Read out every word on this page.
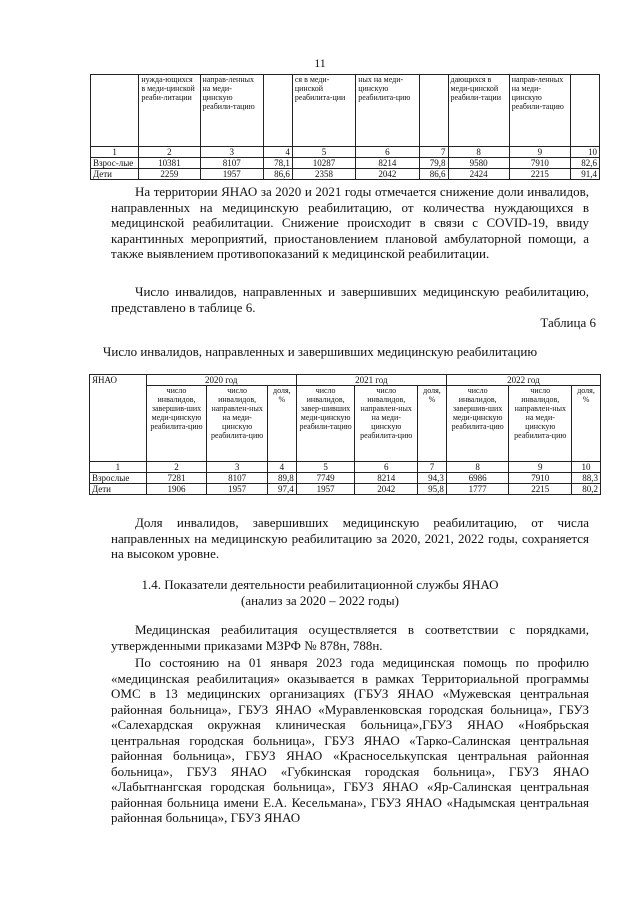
11
	нужда-ющихся в меди-цинской реаби-литации	направ-ленных на меди-цинскую реабили-тацию		ся в меди-цинской реабилита-ции	ных на меди-цинскую реабилита-цию		дающихся в меди-цинской реабили-тации	направ-ленных на меди-цинскую реабили-тацию	
1	2	3	4	5	6	7	8	9	10
Взрос-лые	10381	8107	78,1	10287	8214	79,8	9580	7910	82,6
Дети	2259	1957	86,6	2358	2042	86,6	2424	2215	91,4

На территории ЯНАО за 2020 и 2021 годы отмечается снижение доли инвалидов, направленных на медицинскую реабилитацию, от количества нуждающихся в медицинской реабилитации. Снижение происходит в связи с COVID-19, ввиду карантинных мероприятий, приостановлением плановой амбулаторной помощи, а также выявлением противопоказаний к медицинской реабилитации.

Число инвалидов, направленных и завершивших медицинскую реабилитацию, представлено в таблице 6.

Таблица 6
Число инвалидов, направленных и завершивших медицинскую реабилитацию
ЯНАО	2020 год			2021 год			2022 год		
	число инвалидов, завершив-ших меди-цинскую реабилита-цию	число инвалидов, направлен-ных на меди-цинскую реабилита-цию	доля, %	число инвалидов, завер-шивших меди-цинскую реабили-тацию	число инвалидов, направлен-ных на меди-цинскую реабилита-цию	доля, %	число инвалидов, завершив-ших меди-цинскую реабилита-цию	число инвалидов, направлен-ных на меди-цинскую реабилита-цию	доля, %
1	2	3	4	5	6	7	8	9	10
Взрослые	7281	8107	89,8	7749	8214	94,3	6986	7910	88,3
Дети	1906	1957	97,4	1957	2042	95,8	1777	2215	80,2

Доля инвалидов, завершивших медицинскую реабилитацию, от числа направленных на медицинскую реабилитацию за 2020, 2021, 2022 годы, сохраняется на высоком уровне.

1.4. Показатели деятельности реабилитационной службы ЯНАО
(анализ за 2020 – 2022 годы)

Медицинская реабилитация осуществляется в соответствии с порядками, утвержденными приказами МЗРФ № 878н, 788н.

По состоянию на 01 января 2023 года медицинская помощь по профилю «медицинская реабилитация» оказывается в рамках Территориальной программы ОМС в 13 медицинских организациях (ГБУЗ ЯНАО «Мужевская центральная районная больница», ГБУЗ ЯНАО «Муравленковская городская больница», ГБУЗ «Салехардская окружная клиническая больница»,ГБУЗ ЯНАО «Ноябрьская центральная городская больница», ГБУЗ ЯНАО «Тарко-Салинская центральная районная больница», ГБУЗ ЯНАО «Красноселькупская центральная районная больница», ГБУЗ ЯНАО «Губкинская городская больница», ГБУЗ ЯНАО «Лабытнангская городская больница», ГБУЗ ЯНАО «Яр-Салинская центральная районная больница имени Е.А. Кесельмана», ГБУЗ ЯНАО «Надымская центральная районная больница», ГБУЗ ЯНАО
